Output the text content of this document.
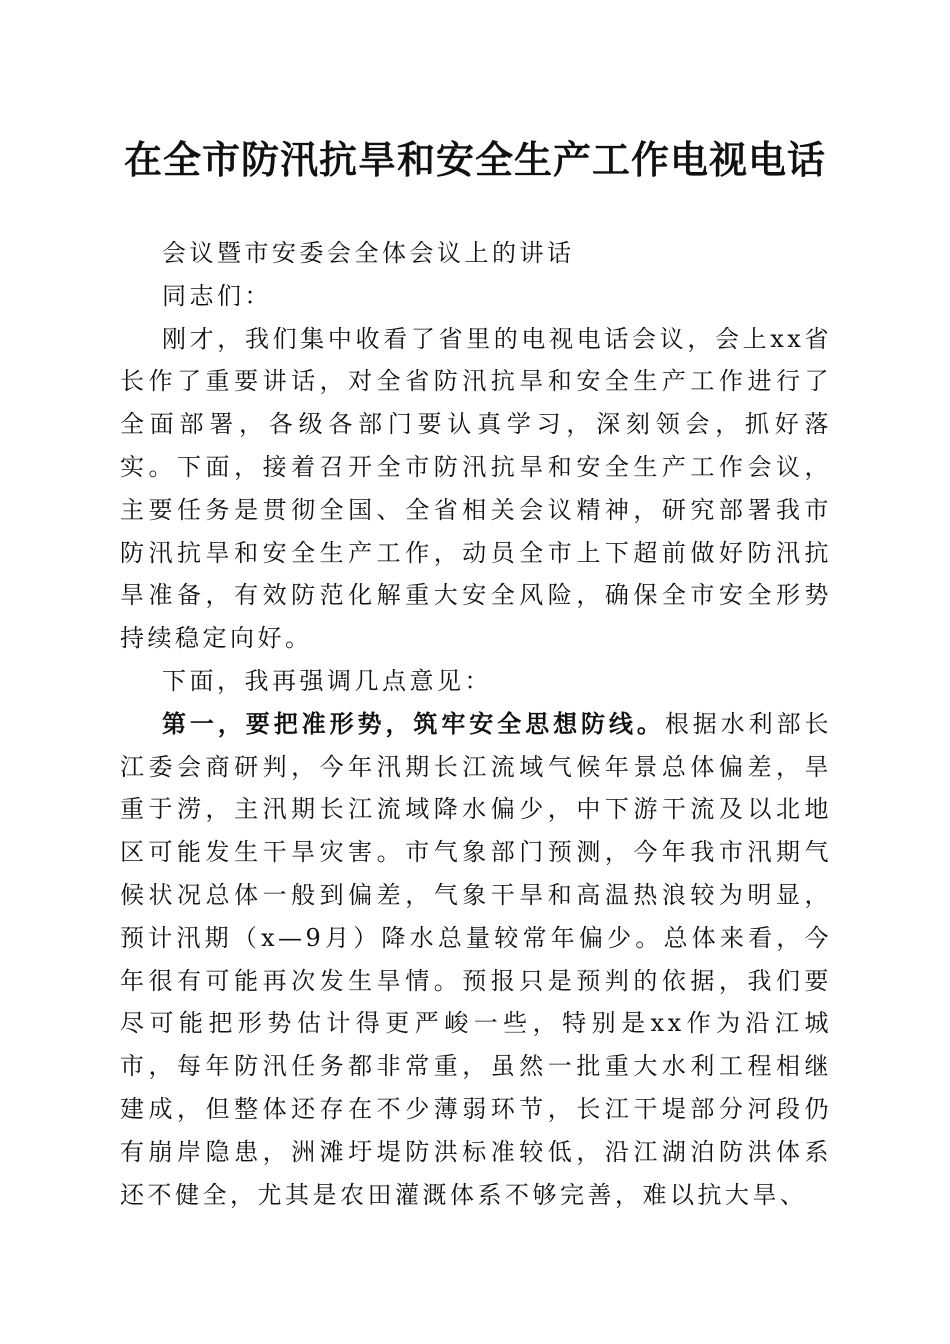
在全市防汛抗旱和安全生产工作电视电话

会议暨市安委会全体会议上的讲话

同志们：

刚才，我们集中收看了省里的电视电话会议，会上xx省长作了重要讲话，对全省防汛抗旱和安全生产工作进行了全面部署，各级各部门要认真学习，深刻领会，抓好落实。下面，接着召开全市防汛抗旱和安全生产工作会议，主要任务是贯彻全国、全省相关会议精神，研究部署我市防汛抗旱和安全生产工作，动员全市上下超前做好防汛抗旱准备，有效防范化解重大安全风险，确保全市安全形势持续稳定向好。

下面，我再强调几点意见：

第一，要把准形势，筑牢安全思想防线。根据水利部长江委会商研判，今年汛期长江流域气候年景总体偏差，旱重于涝，主汛期长江流域降水偏少，中下游干流及以北地区可能发生干旱灾害。市气象部门预测，今年我市汛期气候状况总体一般到偏差，气象干旱和高温热浪较为明显，预计汛期（x—9月）降水总量较常年偏少。总体来看，今年很有可能再次发生旱情。预报只是预判的依据，我们要尽可能把形势估计得更严峻一些，特别是xx作为沿江城市，每年防汛任务都非常重，虽然一批重大水利工程相继建成，但整体还存在不少薄弱环节，长江干堤部分河段仍有崩岸隐患，洲滩圩堤防洪标准较低，沿江湖泊防洪体系还不健全，尤其是农田灌溉体系不够完善，难以抗大旱、
